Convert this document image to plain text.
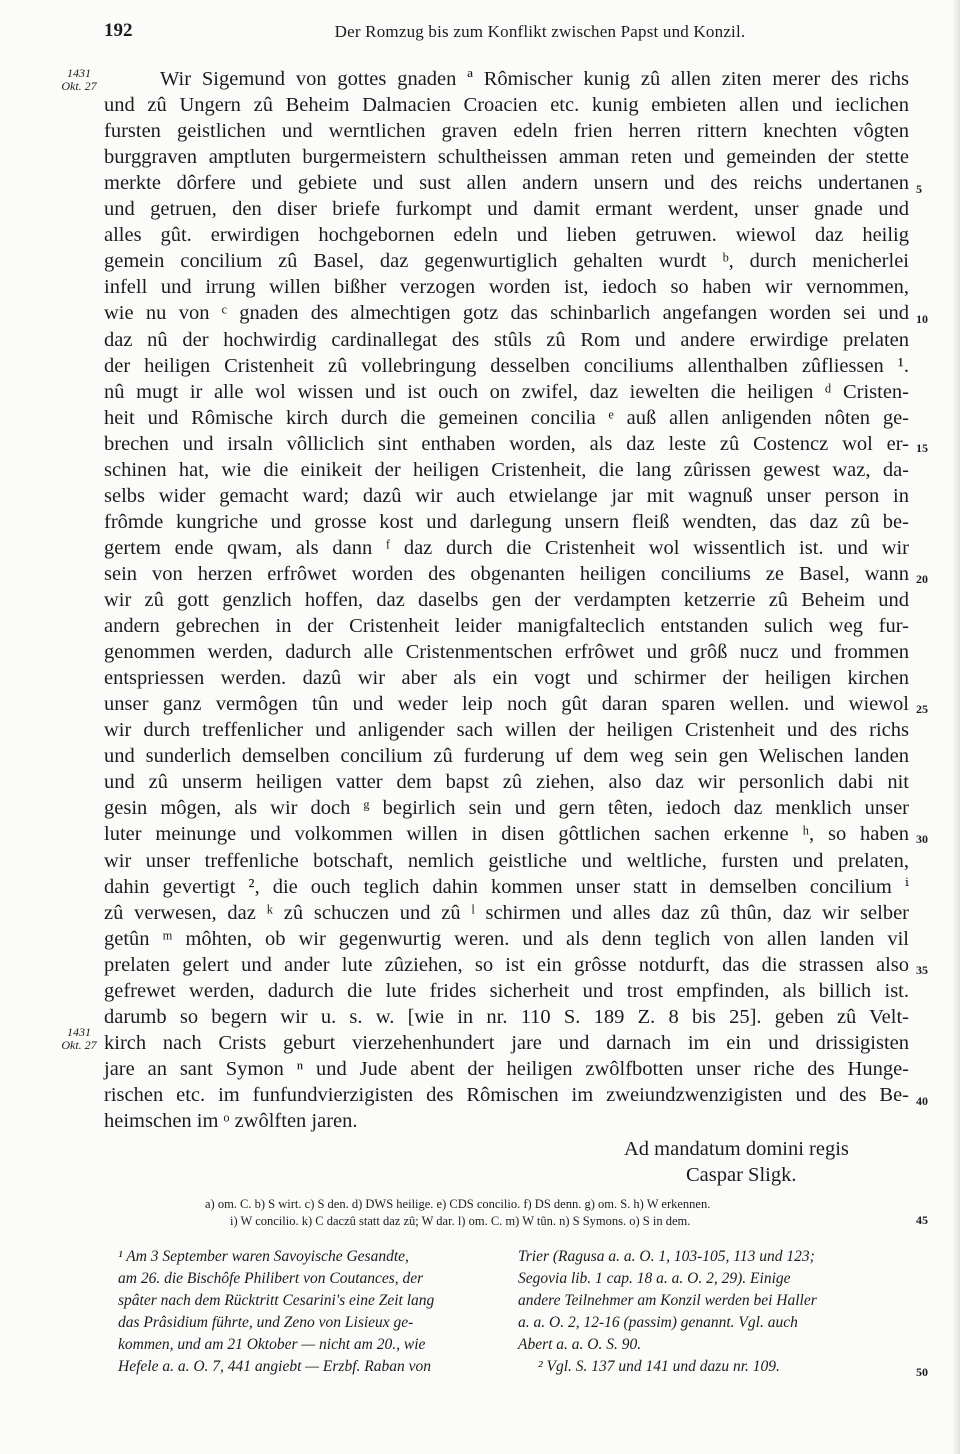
192	Der Romzug bis zum Konflikt zwischen Papst und Konzil.
1431
Okt. 27
1431
Okt. 27
Wir Sigemund von gottes gnaden ª Rômischer kunig zû allen ziten merer des richs
und zû Ungern zû Beheim Dalmacien Croacien etc. kunig embieten allen und ieclichen
fursten geistlichen und werntlichen graven edeln frien herren rittern knechten vôgten
burggraven amptluten burgermeistern schultheissen amman reten und gemeinden der stette
merkte dôrfere und gebiete und sust allen andern unsern und des reichs undertanen
und getruen, den diser briefe furkompt und damit ermant werdent, unser gnade und
alles gût. erwirdigen hochgebornen edeln und lieben getruwen. wiewol daz heilig
gemein concilium zû Basel, daz gegenwurtiglich gehalten wurdt ᵇ, durch menicherlei
infell und irrung willen bißher verzogen worden ist, iedoch so haben wir vernommen,
wie nu von ᶜ gnaden des almechtigen gotz das schinbarlich angefangen worden sei und
daz nû der hochwirdig cardinallegat des stûls zû Rom und andere erwirdige prelaten
der heiligen Cristenheit zû vollebringung desselben conciliums allenthalben zûfliessen ¹.
nû mugt ir alle wol wissen und ist ouch on zwifel, daz iewelten die heiligen ᵈ Cristen-
heit und Rômische kirch durch die gemeinen concilia ᵉ auß allen anligenden nôten ge-
brechen und irsaln vôlliclich sint enthaben worden, als daz leste zû Costencz wol er-
schinen hat, wie die einikeit der heiligen Cristenheit, die lang zûrissen gewest waz, da-
selbs wider gemacht ward; dazû wir auch etwielange jar mit wagnuß unser person in
frômde kungriche und grosse kost und darlegung unsern fleiß wendten, das daz zû be-
gertem ende qwam, als dann ᶠ daz durch die Cristenheit wol wissentlich ist. und wir
sein von herzen erfrôwet worden des obgenanten heiligen conciliums ze Basel, wann
wir zû gott genzlich hoffen, daz daselbs gen der verdampten ketzerrie zû Beheim und
andern gebrechen in der Cristenheit leider manigfalteclich entstanden sulich weg fur-
genommen werden, dadurch alle Cristenmentschen erfrôwet und grôß nucz und frommen
entspriessen werden. dazû wir aber als ein vogt und schirmer der heiligen kirchen
unser ganz vermôgen tûn und weder leip noch gût daran sparen wellen. und wiewol
wir durch treffenlicher und anligender sach willen der heiligen Cristenheit und des richs
und sunderlich demselben concilium zû furderung uf dem weg sein gen Welischen landen
und zû unserm heiligen vatter dem bapst zû ziehen, also daz wir personlich dabi nit
gesin môgen, als wir doch ᵍ begirlich sein und gern têten, iedoch daz menklich unser
luter meinunge und volkommen willen in disen gôttlichen sachen erkenne ʰ, so haben
wir unser treffenliche botschaft, nemlich geistliche und weltliche, fursten und prelaten,
dahin gevertigt ², die ouch teglich dahin kommen unser statt in demselben concilium ⁱ
zû verwesen, daz ᵏ zû schuczen und zû ˡ schirmen und alles daz zû thûn, daz wir selber
getûn ᵐ môhten, ob wir gegenwurtig weren. und als denn teglich von allen landen vil
prelaten gelert und ander lute zûziehen, so ist ein grôsse notdurft, das die strassen also
gefrewet werden, dadurch die lute frides sicherheit und trost empfinden, als billich ist.
darumb so begern wir u. s. w. [wie in nr. 110 S. 189 Z. 8 bis 25]. geben zû Velt-
kirch nach Crists geburt vierzehenhundert jare und darnach im ein und drissigisten
jare an sant Symon ⁿ und Jude abent der heiligen zwôlfbotten unser riche des Hunge-
rischen etc. im funfundvierzigisten des Rômischen im zweiundzwenzigisten und des Be-
heimschen im ᵒ zwôlften jaren.
5
10
15
20
25
30
35
40
45
50
Ad mandatum domini regis
Caspar Sligk.
a) om. C. b) S wirt. c) S den. d) DWS heilige. e) CDS concilio. f) DS denn. g) om. S. h) W erkennen.
i) W concilio. k) C daczû statt daz zû; W dar. l) om. C. m) W tûn. n) S Symons. o) S in dem.
¹ Am 3 September waren Savoyische Gesandte,
am 26. die Bischôfe Philibert von Coutances, der
spâter nach dem Rücktritt Cesarini's eine Zeit lang
das Prâsidium führte, und Zeno von Lisieux ge-
kommen, und am 21 Oktober — nicht am 20., wie
Hefele a. a. O. 7, 441 angiebt — Erzbf. Raban von
Trier (Ragusa a. a. O. 1, 103-105, 113 und 123;
Segovia lib. 1 cap. 18 a. a. O. 2, 29). Einige
andere Teilnehmer am Konzil werden bei Haller
a. a. O. 2, 12-16 (passim) genannt. Vgl. auch
Abert a. a. O. S. 90.
² Vgl. S. 137 und 141 und dazu nr. 109.
